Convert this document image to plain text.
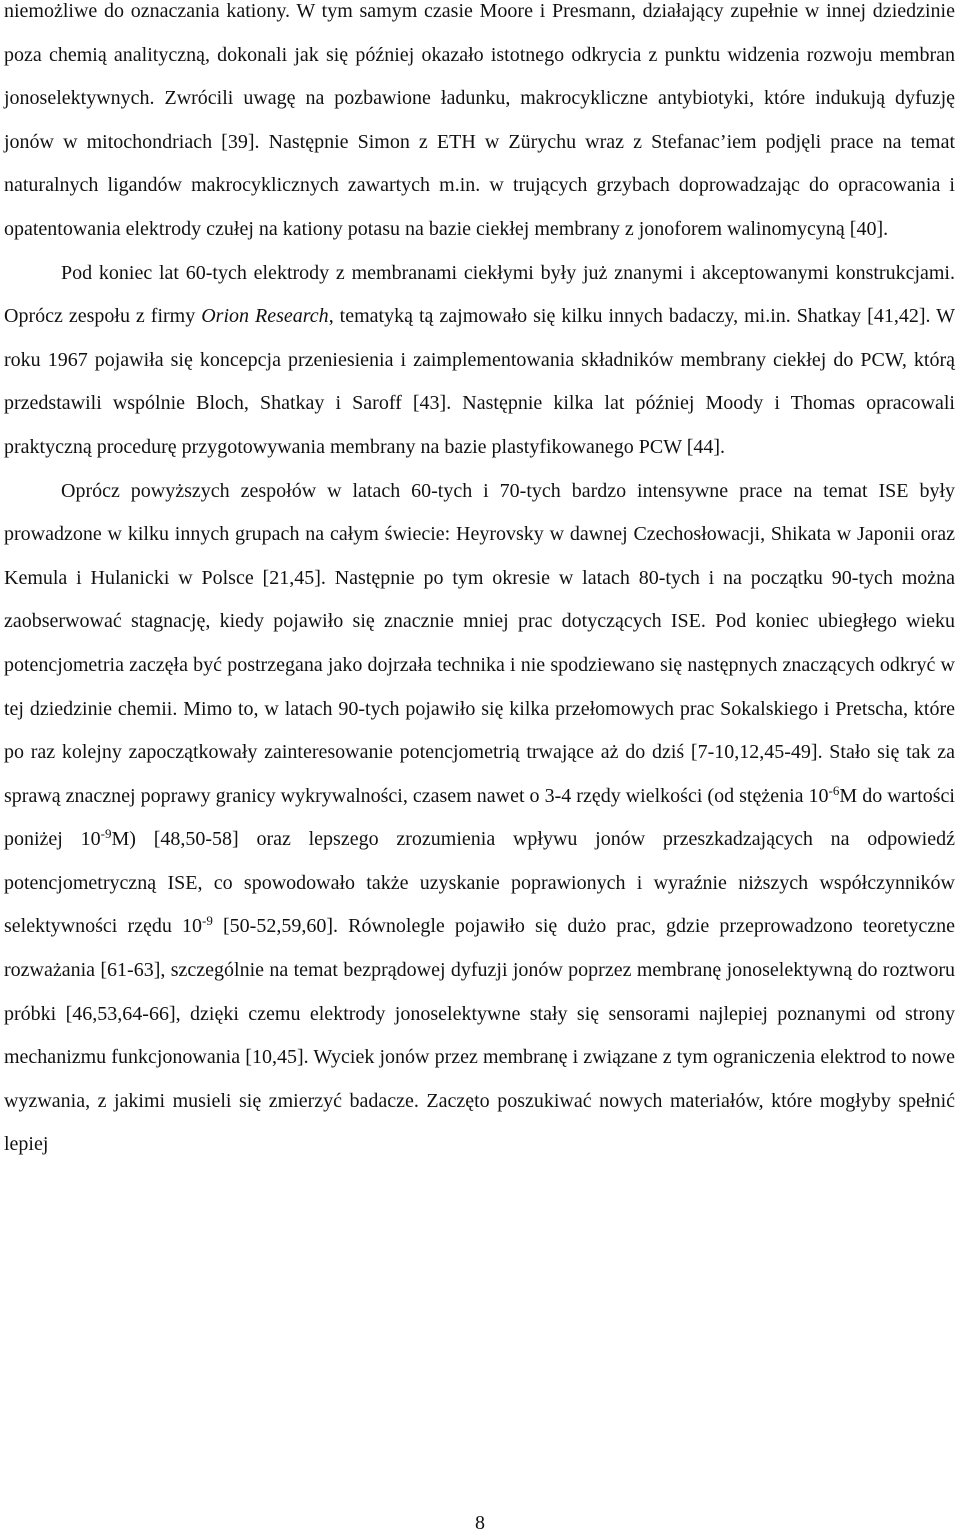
niemożliwe do oznaczania kationy. W tym samym czasie Moore i Presmann, działający zupełnie w innej dziedzinie poza chemią analityczną, dokonali jak się później okazało istotnego odkrycia z punktu widzenia rozwoju membran jonoselektywnych. Zwrócili uwagę na pozbawione ładunku, makrocykliczne antybiotyki, które indukują dyfuzję jonów w mitochondriach [39]. Następnie Simon z ETH w Zürychu wraz z Stefanac’iem podjęli prace na temat naturalnych ligandów makrocyklicznych zawartych m.in. w trujących grzybach doprowadzając do opracowania i opatentowania elektrody czułej na kationy potasu na bazie ciekłej membrany z jonoforem walinomycyną [40].

Pod koniec lat 60-tych elektrody z membranami ciekłymi były już znanymi i akceptowanymi konstrukcjami. Oprócz zespołu z firmy Orion Research, tematyką tą zajmowało się kilku innych badaczy, mi.in. Shatkay [41,42]. W roku 1967 pojawiła się koncepcja przeniesienia i zaimplementowania składników membrany ciekłej do PCW, którą przedstawili wspólnie Bloch, Shatkay i Saroff [43]. Następnie kilka lat później Moody i Thomas opracowali praktyczną procedurę przygotowywania membrany na bazie plastyfikowanego PCW [44].

Oprócz powyższych zespołów w latach 60-tych i 70-tych bardzo intensywne prace na temat ISE były prowadzone w kilku innych grupach na całym świecie: Heyrovsky w dawnej Czechosłowacji, Shikata w Japonii oraz Kemula i Hulanicki w Polsce [21,45]. Następnie po tym okresie w latach 80-tych i na początku 90-tych można zaobserwować stagnację, kiedy pojawiło się znacznie mniej prac dotyczących ISE. Pod koniec ubiegłego wieku potencjometria zaczęła być postrzegana jako dojrzała technika i nie spodziewano się następnych znaczących odkryć w tej dziedzinie chemii. Mimo to, w latach 90-tych pojawiło się kilka przełomowych prac Sokalskiego i Pretscha, które po raz kolejny zapoczątkowały zainteresowanie potencjometrią trwające aż do dziś [7-10,12,45-49]. Stało się tak za sprawą znacznej poprawy granicy wykrywalności, czasem nawet o 3-4 rzędy wielkości (od stężenia $10^{-6}M$ do wartości poniżej $10^{-9}M$) [48,50-58] oraz lepszego zrozumienia wpływu jonów przeszkadzających na odpowiedź potencjometryczną ISE, co spowodowało także uzyskanie poprawionych i wyraźnie niższych współczynników selektywności rzędu $10^{-9}$ [50-52,59,60]. Równolegle pojawiło się dużo prac, gdzie przeprowadzono teoretyczne rozważania [61-63], szczególnie na temat bezprądowej dyfuzji jonów poprzez membranę jonoselektywną do roztworu próbki [46,53,64-66], dzięki czemu elektrody jonoselektywne stały się sensorami najlepiej poznanymi od strony mechanizmu funkcjonowania [10,45]. Wyciek jonów przez membranę i związane z tym ograniczenia elektrod to nowe wyzwania, z jakimi musieli się zmierzyć badacze. Zaczęto poszukiwać nowych materiałów, które mogłyby spełnić lepiej

8
